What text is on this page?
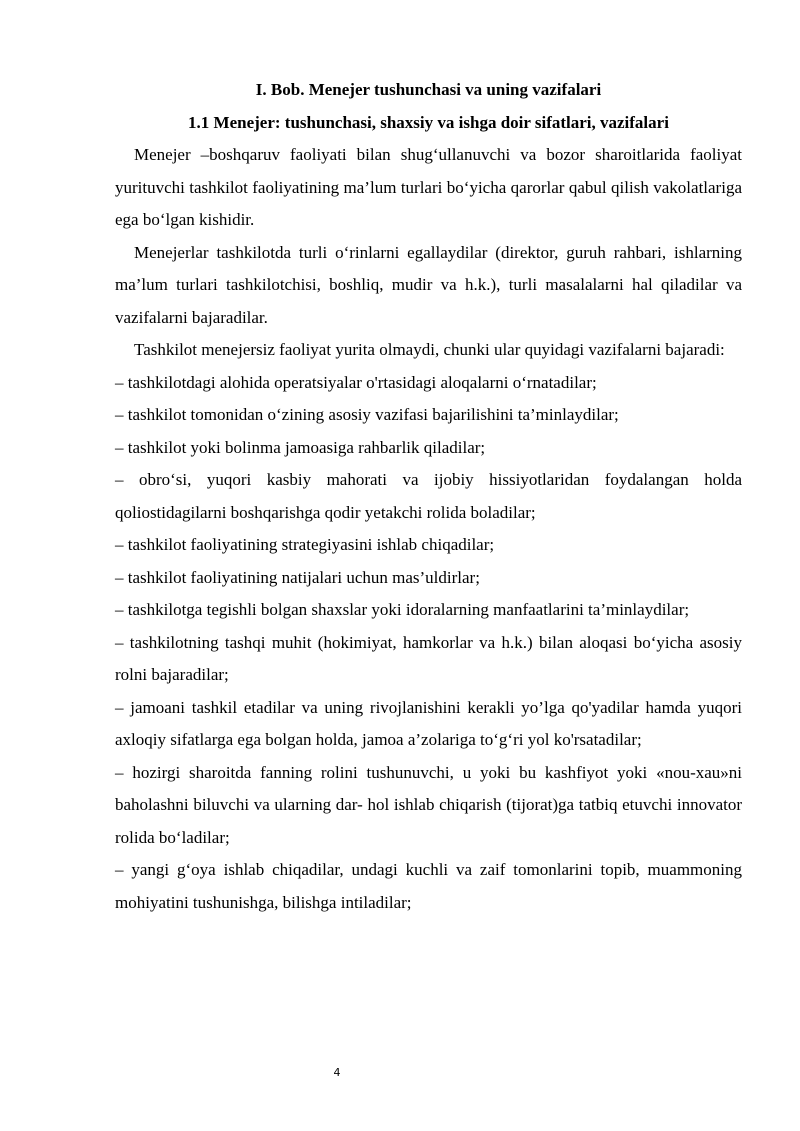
I. Bob. Menejer tushunchasi va uning vazifalari

1.1 Menejer: tushunchasi, shaxsiy va ishga doir sifatlari, vazifalari

Menejer –boshqaruv faoliyati bilan shug‘ullanuvchi va bozor sharoitlarida faoliyat yurituvchi tashkilot faoliyatining ma’lum turlari bo‘yicha qarorlar qabul qilish vakolatlariga ega bo‘lgan kishidir.

Menejerlar tashkilotda turli o‘rinlarni egallaydilar (direktor, guruh rahbari, ishlarning ma’lum turlari tashkilotchisi, boshliq, mudir va h.k.), turli masalalarni hal qiladilar va vazifalarni bajaradilar.

Tashkilot menejersiz faoliyat yurita olmaydi, chunki ular quyidagi vazifalarni bajaradi:

– tashkilotdagi alohida operatsiyalar o'rtasidagi aloqalarni o‘rnatadilar;

– tashkilot tomonidan o‘zining asosiy vazifasi bajarilishini ta’minlaydilar;

– tashkilot yoki bolinma jamoasiga rahbarlik qiladilar;

– obro‘si, yuqori kasbiy mahorati va ijobiy hissiyotlaridan foydalangan holda qoliostidagilarni boshqarishga qodir yetakchi rolida boladilar;

– tashkilot faoliyatining strategiyasini ishlab chiqadilar;

– tashkilot faoliyatining natijalari uchun mas’uldirlar;

– tashkilotga tegishli bolgan shaxslar yoki idoralarning manfaatlarini ta’minlaydilar;

– tashkilotning tashqi muhit (hokimiyat, hamkorlar va h.k.) bilan aloqasi bo‘yicha asosiy rolni bajaradilar;

– jamoani tashkil etadilar va uning rivojlanishini kerakli yo’lga qo'yadilar hamda yuqori axloqiy sifatlarga ega bolgan holda, jamoa a’zolariga to‘g‘ri yol ko'rsatadilar;

– hozirgi sharoitda fanning rolini tushunuvchi, u yoki bu kashfiyot yoki «nou-xau»ni baholashni biluvchi va ularning dar- hol ishlab chiqarish (tijorat)ga tatbiq etuvchi innovator rolida bo‘ladilar;

– yangi g‘oya ishlab chiqadilar, undagi kuchli va zaif tomonlarini topib, muammoning mohiyatini tushunishga, bilishga intiladilar;

4
